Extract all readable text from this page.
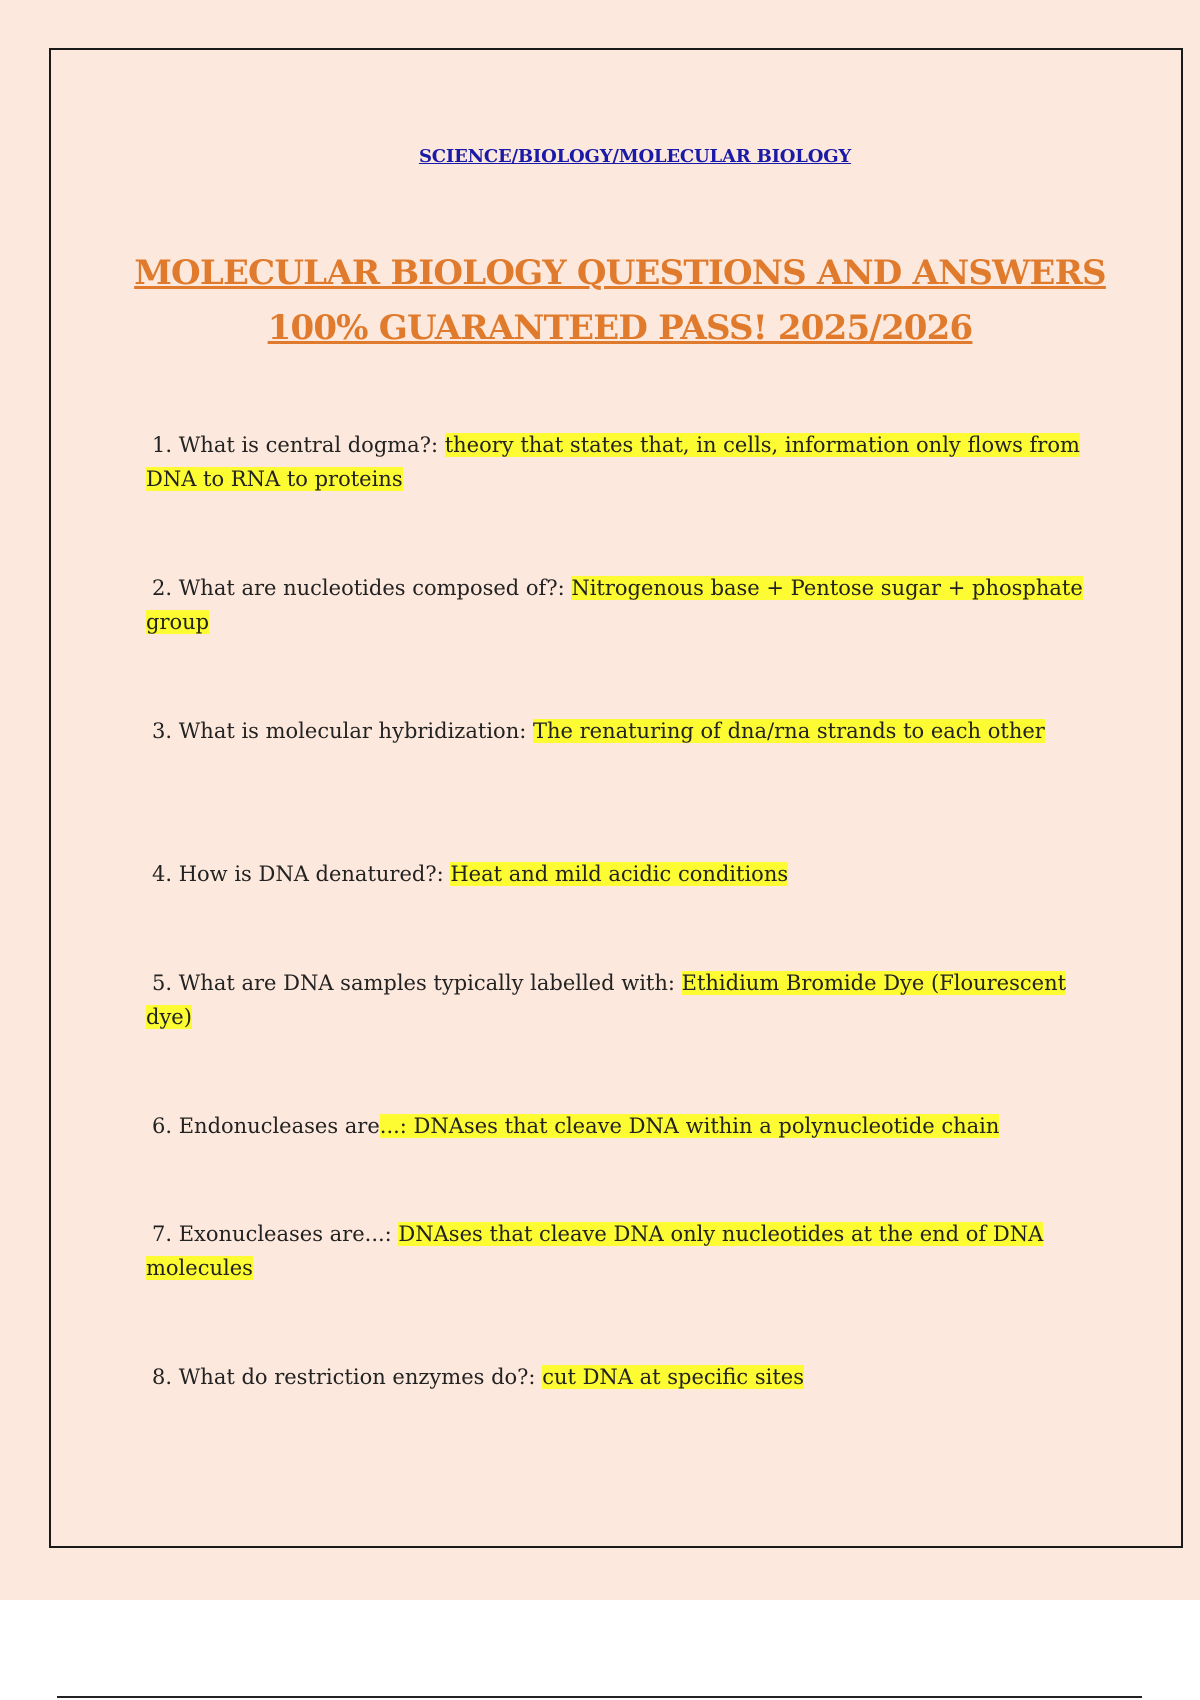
SCIENCE/BIOLOGY/MOLECULAR BIOLOGY
MOLECULAR BIOLOGY QUESTIONS AND ANSWERS
100% GUARANTEED PASS! 2025/2026
1. What is central dogma?: theory that states that, in cells, information only flows from DNA to RNA to proteins
2. What are nucleotides composed of?: Nitrogenous base + Pentose sugar + phosphate group
3. What is molecular hybridization: The renaturing of dna/rna strands to each other
4. How is DNA denatured?: Heat and mild acidic conditions
5. What are DNA samples typically labelled with: Ethidium Bromide Dye (Flourescent dye)
6. Endonucleases are...: DNAses that cleave DNA within a polynucleotide chain
7. Exonucleases are...: DNAses that cleave DNA only nucleotides at the end of DNA molecules
8. What do restriction enzymes do?: cut DNA at specific sites
